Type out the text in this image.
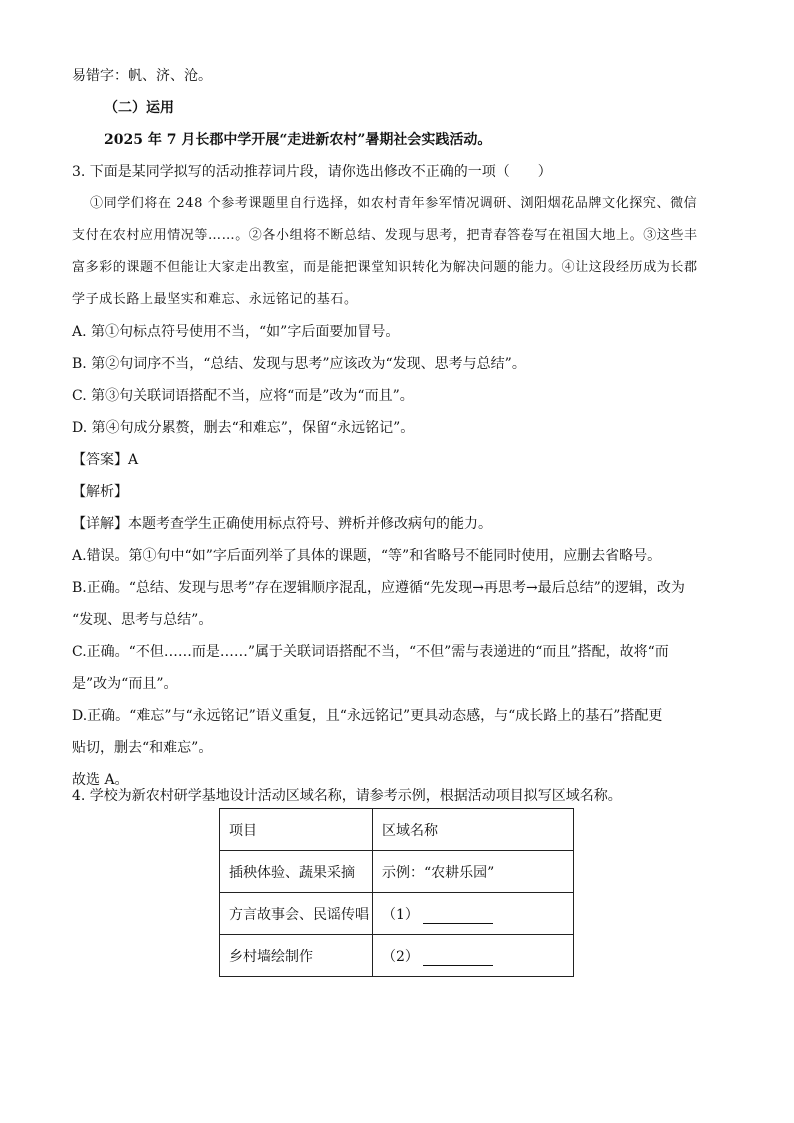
易错字：帆、济、沧。
（二）运用
2025 年 7 月长郡中学开展“走进新农村”暑期社会实践活动。
3. 下面是某同学拟写的活动推荐词片段，请你选出修改不正确的一项（　　）
①同学们将在 248 个参考课题里自行选择，如农村青年参军情况调研、浏阳烟花品牌文化探究、微信
支付在农村应用情况等……。②各小组将不断总结、发现与思考，把青春答卷写在祖国大地上。③这些丰
富多彩的课题不但能让大家走出教室，而是能把课堂知识转化为解决问题的能力。④让这段经历成为长郡
学子成长路上最坚实和难忘、永远铭记的基石。
A. 第①句标点符号使用不当，“如”字后面要加冒号。
B. 第②句词序不当，“总结、发现与思考”应该改为“发现、思考与总结”。
C. 第③句关联词语搭配不当，应将“而是”改为“而且”。
D. 第④句成分累赘，删去“和难忘”，保留“永远铭记”。
【答案】A
【解析】
【详解】本题考查学生正确使用标点符号、辨析并修改病句的能力。
A.错误。第①句中“如”字后面列举了具体的课题，“等”和省略号不能同时使用，应删去省略号。
B.正确。“总结、发现与思考”存在逻辑顺序混乱，应遵循“先发现→再思考→最后总结”的逻辑，改为
“发现、思考与总结”。
C.正确。“不但……而是……”属于关联词语搭配不当，“不但”需与表递进的“而且”搭配，故将“而
是”改为“而且”。
D.正确。“难忘”与“永远铭记”语义重复，且“永远铭记”更具动态感，与“成长路上的基石”搭配更
贴切，删去“和难忘”。
故选 A。
4. 学校为新农村研学基地设计活动区域名称，请参考示例，根据活动项目拟写区域名称。
项目	区域名称
插秧体验、蔬果采摘	示例：“农耕乐园”
方言故事会、民谣传唱	（1）
乡村墙绘制作	（2）
